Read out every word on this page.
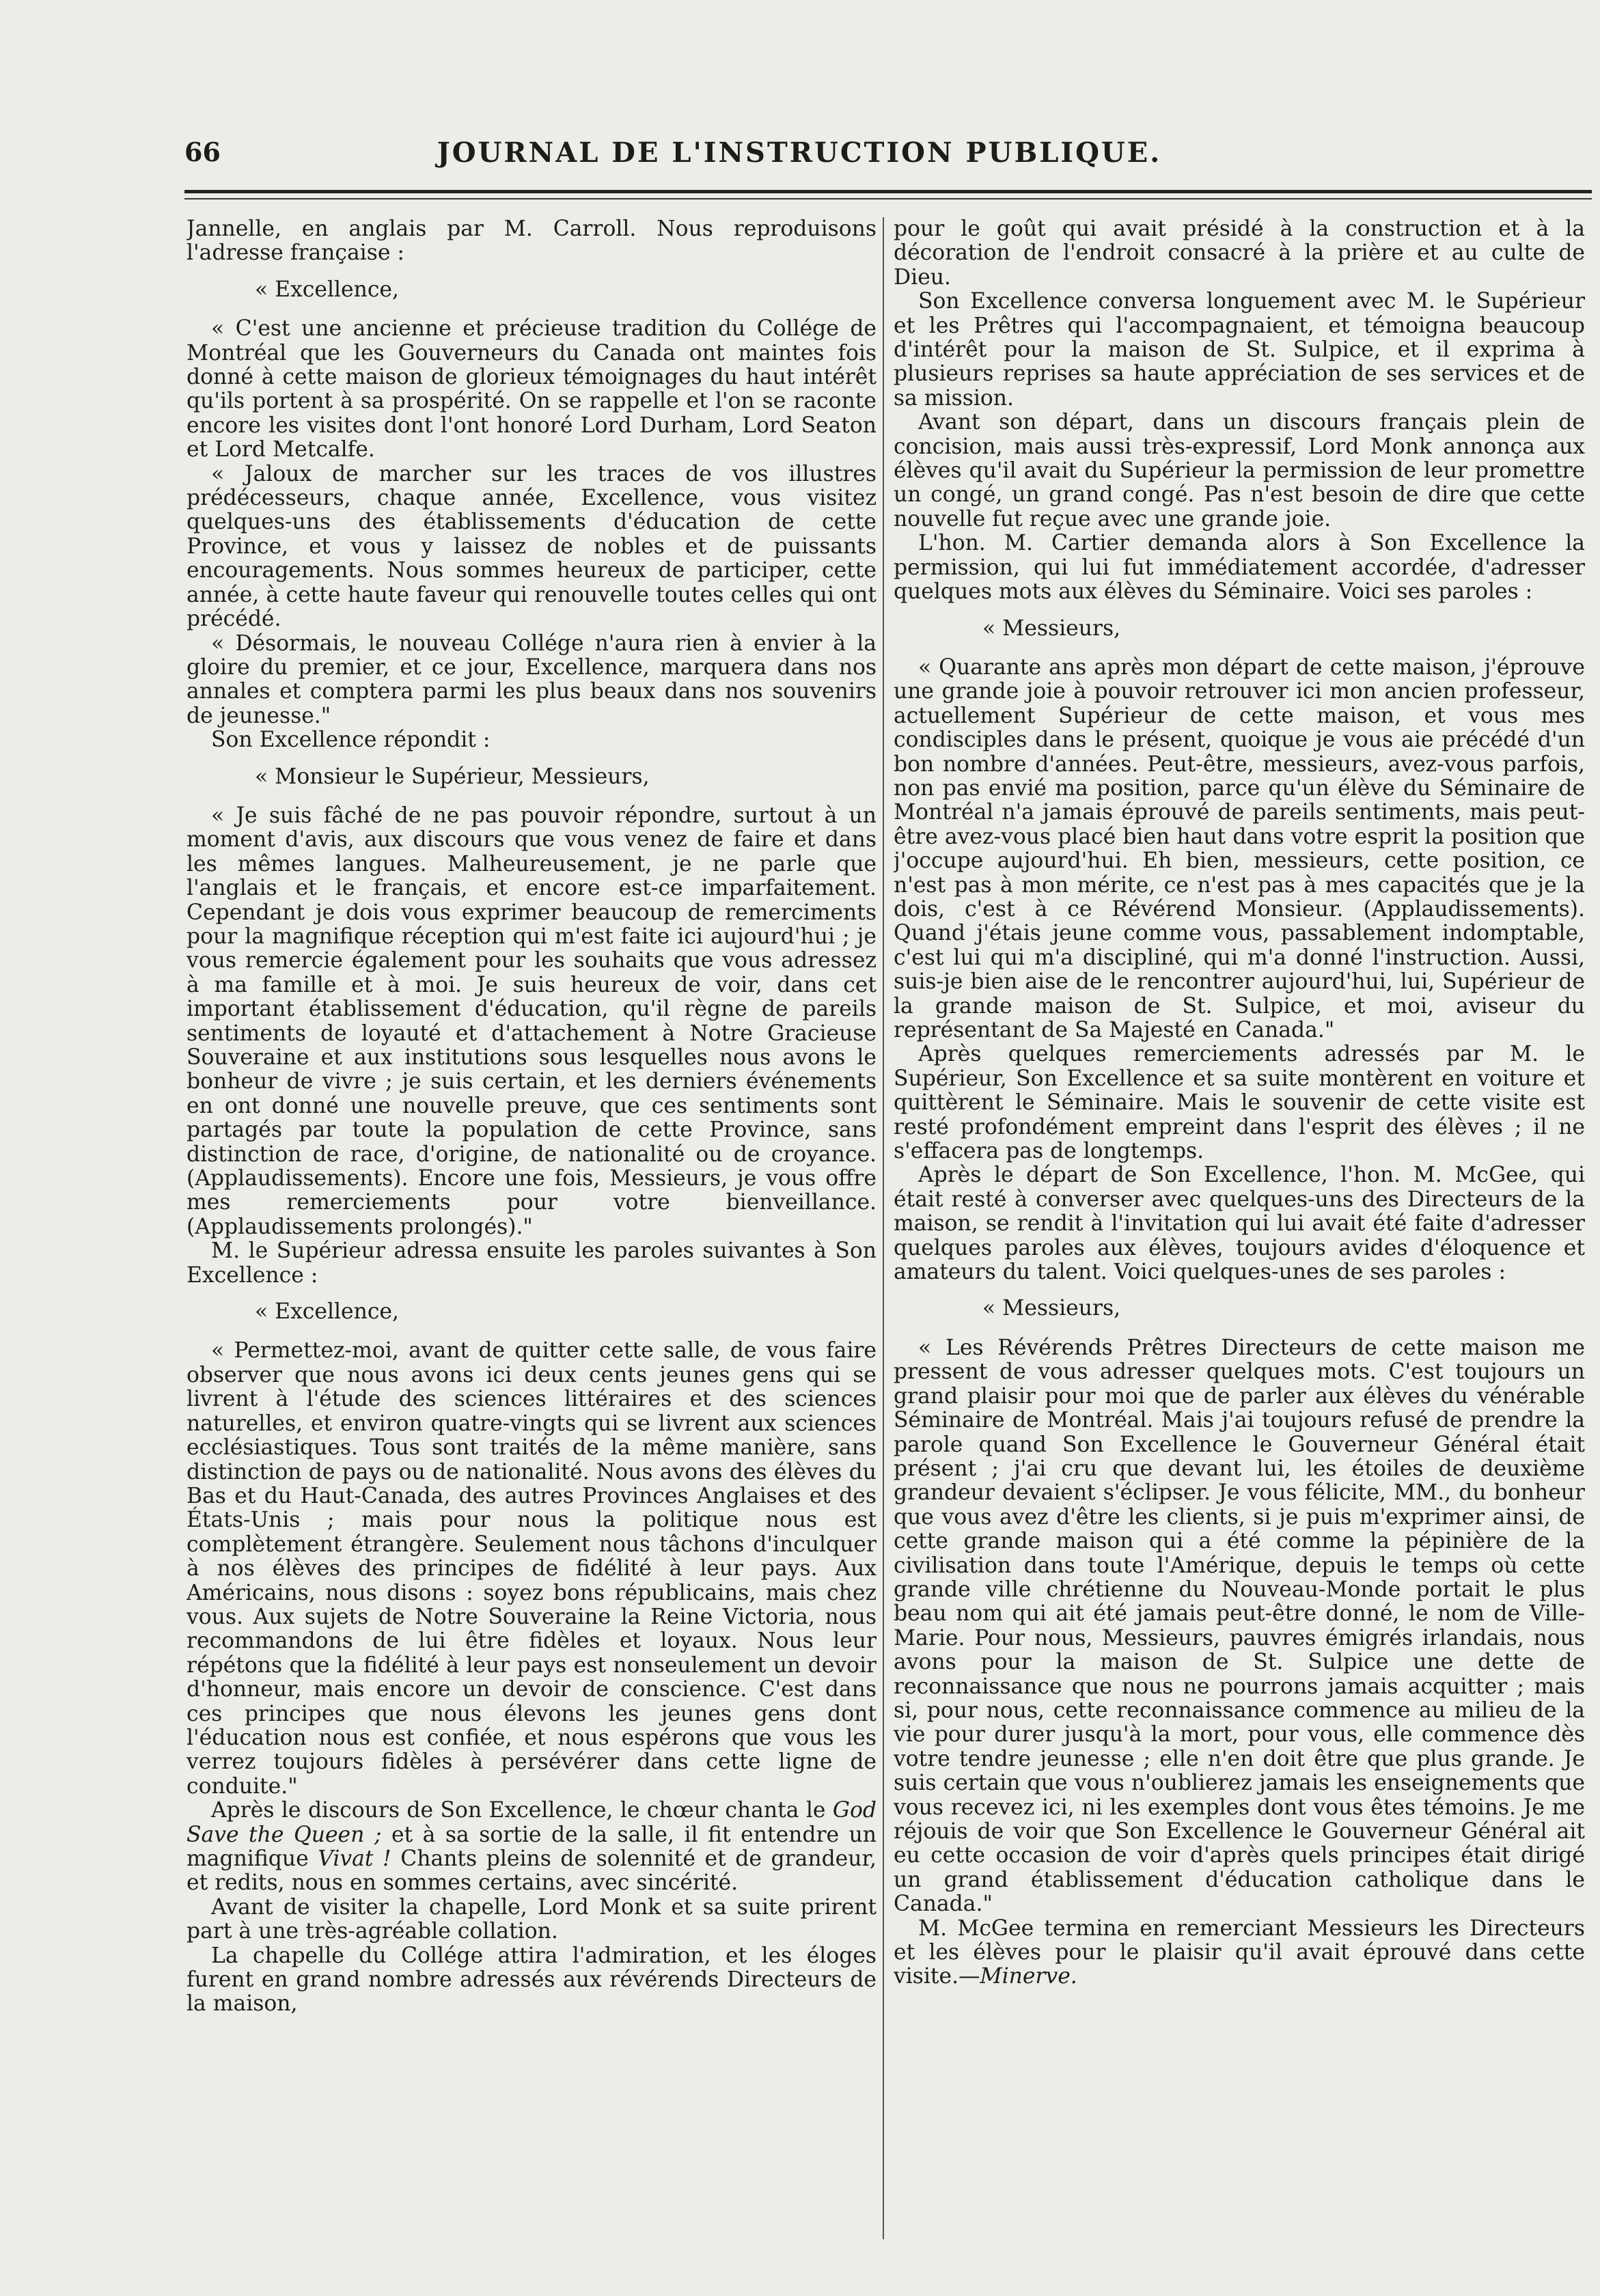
66	JOURNAL DE L'INSTRUCTION PUBLIQUE.

Jannelle, en anglais par M. Carroll. Nous reproduisons l'adresse française :

« Excellence,

« C'est une ancienne et précieuse tradition du Collége de Montréal que les Gouverneurs du Canada ont maintes fois donné à cette maison de glorieux témoignages du haut intérêt qu'ils portent à sa prospérité. On se rappelle et l'on se raconte encore les visites dont l'ont honoré Lord Durham, Lord Seaton et Lord Metcalfe.

« Jaloux de marcher sur les traces de vos illustres prédécesseurs, chaque année, Excellence, vous visitez quelques-uns des établissements d'éducation de cette Province, et vous y laissez de nobles et de puissants encouragements. Nous sommes heureux de participer, cette année, à cette haute faveur qui renouvelle toutes celles qui ont précédé.

« Désormais, le nouveau Collége n'aura rien à envier à la gloire du premier, et ce jour, Excellence, marquera dans nos annales et comptera parmi les plus beaux dans nos souvenirs de jeunesse."

Son Excellence répondit :

« Monsieur le Supérieur, Messieurs,

« Je suis fâché de ne pas pouvoir répondre, surtout à un moment d'avis, aux discours que vous venez de faire et dans les mêmes langues. Malheureusement, je ne parle que l'anglais et le français, et encore est-ce imparfaitement. Cependant je dois vous exprimer beaucoup de remerciments pour la magnifique réception qui m'est faite ici aujourd'hui ; je vous remercie également pour les souhaits que vous adressez à ma famille et à moi. Je suis heureux de voir, dans cet important établissement d'éducation, qu'il règne de pareils sentiments de loyauté et d'attachement à Notre Gracieuse Souveraine et aux institutions sous lesquelles nous avons le bonheur de vivre ; je suis certain, et les derniers événements en ont donné une nouvelle preuve, que ces sentiments sont partagés par toute la population de cette Province, sans distinction de race, d'origine, de nationalité ou de croyance. (Applaudissements). Encore une fois, Messieurs, je vous offre mes remerciements pour votre bienveillance. (Applaudissements prolongés)."

M. le Supérieur adressa ensuite les paroles suivantes à Son Excellence :

« Excellence,

« Permettez-moi, avant de quitter cette salle, de vous faire observer que nous avons ici deux cents jeunes gens qui se livrent à l'étude des sciences littéraires et des sciences naturelles, et environ quatre-vingts qui se livrent aux sciences ecclésiastiques. Tous sont traités de la même manière, sans distinction de pays ou de nationalité. Nous avons des élèves du Bas et du Haut-Canada, des autres Provinces Anglaises et des États-Unis ; mais pour nous la politique nous est complètement étrangère. Seulement nous tâchons d'inculquer à nos élèves des principes de fidélité à leur pays. Aux Américains, nous disons : soyez bons républicains, mais chez vous. Aux sujets de Notre Souveraine la Reine Victoria, nous recommandons de lui être fidèles et loyaux. Nous leur répétons que la fidélité à leur pays est nonseulement un devoir d'honneur, mais encore un devoir de conscience. C'est dans ces principes que nous élevons les jeunes gens dont l'éducation nous est confiée, et nous espérons que vous les verrez toujours fidèles à persévérer dans cette ligne de conduite."

Après le discours de Son Excellence, le chœur chanta le God Save the Queen ; et à sa sortie de la salle, il fit entendre un magnifique Vivat ! Chants pleins de solennité et de grandeur, et redits, nous en sommes certains, avec sincérité.

Avant de visiter la chapelle, Lord Monk et sa suite prirent part à une très-agréable collation.

La chapelle du Collége attira l'admiration, et les éloges furent en grand nombre adressés aux révérends Directeurs de la maison,

pour le goût qui avait présidé à la construction et à la décoration de l'endroit consacré à la prière et au culte de Dieu.

Son Excellence conversa longuement avec M. le Supérieur et les Prêtres qui l'accompagnaient, et témoigna beaucoup d'intérêt pour la maison de St. Sulpice, et il exprima à plusieurs reprises sa haute appréciation de ses services et de sa mission.

Avant son départ, dans un discours français plein de concision, mais aussi très-expressif, Lord Monk annonça aux élèves qu'il avait du Supérieur la permission de leur promettre un congé, un grand congé. Pas n'est besoin de dire que cette nouvelle fut reçue avec une grande joie.

L'hon. M. Cartier demanda alors à Son Excellence la permission, qui lui fut immédiatement accordée, d'adresser quelques mots aux élèves du Séminaire. Voici ses paroles :

« Messieurs,

« Quarante ans après mon départ de cette maison, j'éprouve une grande joie à pouvoir retrouver ici mon ancien professeur, actuellement Supérieur de cette maison, et vous mes condisciples dans le présent, quoique je vous aie précédé d'un bon nombre d'années. Peut-être, messieurs, avez-vous parfois, non pas envié ma position, parce qu'un élève du Séminaire de Montréal n'a jamais éprouvé de pareils sentiments, mais peut-être avez-vous placé bien haut dans votre esprit la position que j'occupe aujourd'hui. Eh bien, messieurs, cette position, ce n'est pas à mon mérite, ce n'est pas à mes capacités que je la dois, c'est à ce Révérend Monsieur. (Applaudissements). Quand j'étais jeune comme vous, passablement indomptable, c'est lui qui m'a discipliné, qui m'a donné l'instruction. Aussi, suis-je bien aise de le rencontrer aujourd'hui, lui, Supérieur de la grande maison de St. Sulpice, et moi, aviseur du représentant de Sa Majesté en Canada."

Après quelques remerciements adressés par M. le Supérieur, Son Excellence et sa suite montèrent en voiture et quittèrent le Séminaire. Mais le souvenir de cette visite est resté profondément empreint dans l'esprit des élèves ; il ne s'effacera pas de longtemps.

Après le départ de Son Excellence, l'hon. M. McGee, qui était resté à converser avec quelques-uns des Directeurs de la maison, se rendit à l'invitation qui lui avait été faite d'adresser quelques paroles aux élèves, toujours avides d'éloquence et amateurs du talent. Voici quelques-unes de ses paroles :

« Messieurs,

« Les Révérends Prêtres Directeurs de cette maison me pressent de vous adresser quelques mots. C'est toujours un grand plaisir pour moi que de parler aux élèves du vénérable Séminaire de Montréal. Mais j'ai toujours refusé de prendre la parole quand Son Excellence le Gouverneur Général était présent ; j'ai cru que devant lui, les étoiles de deuxième grandeur devaient s'éclipser. Je vous félicite, MM., du bonheur que vous avez d'être les clients, si je puis m'exprimer ainsi, de cette grande maison qui a été comme la pépinière de la civilisation dans toute l'Amérique, depuis le temps où cette grande ville chrétienne du Nouveau-Monde portait le plus beau nom qui ait été jamais peut-être donné, le nom de Ville-Marie. Pour nous, Messieurs, pauvres émigrés irlandais, nous avons pour la maison de St. Sulpice une dette de reconnaissance que nous ne pourrons jamais acquitter ; mais si, pour nous, cette reconnaissance commence au milieu de la vie pour durer jusqu'à la mort, pour vous, elle commence dès votre tendre jeunesse ; elle n'en doit être que plus grande. Je suis certain que vous n'oublierez jamais les enseignements que vous recevez ici, ni les exemples dont vous êtes témoins. Je me réjouis de voir que Son Excellence le Gouverneur Général ait eu cette occasion de voir d'après quels principes était dirigé un grand établissement d'éducation catholique dans le Canada."

M. McGee termina en remerciant Messieurs les Directeurs et les élèves pour le plaisir qu'il avait éprouvé dans cette visite.—Minerve.
